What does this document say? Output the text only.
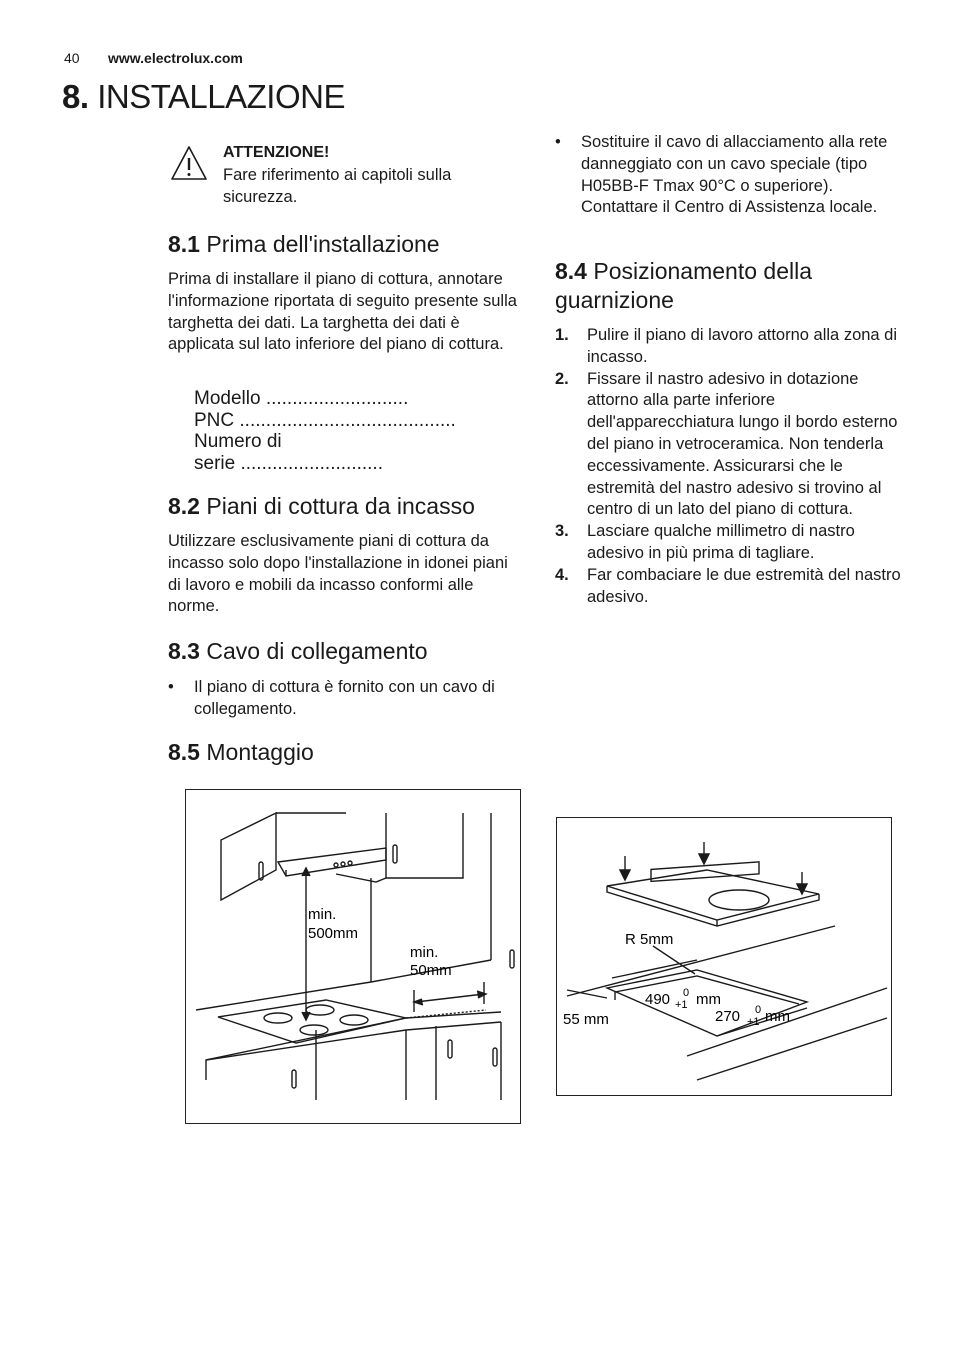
40 www.electrolux.com
8. INSTALLAZIONE
ATTENZIONE!
Fare riferimento ai capitoli sulla sicurezza.
8.1 Prima dell'installazione
Prima di installare il piano di cottura, annotare l'informazione riportata di seguito presente sulla targhetta dei dati. La targhetta dei dati è applicata sul lato inferiore del piano di cottura.
Modello ...........................
PNC .........................................
Numero di
serie ...........................
8.2 Piani di cottura da incasso
Utilizzare esclusivamente piani di cottura da incasso solo dopo l'installazione in idonei piani di lavoro e mobili da incasso conformi alle norme.
8.3 Cavo di collegamento
• Il piano di cottura è fornito con un cavo di collegamento.
• Sostituire il cavo di allacciamento alla rete danneggiato con un cavo speciale (tipo H05BB-F Tmax 90°C o superiore). Contattare il Centro di Assistenza locale.
8.4 Posizionamento della guarnizione
1. Pulire il piano di lavoro attorno alla zona di incasso.
2. Fissare il nastro adesivo in dotazione attorno alla parte inferiore dell'apparecchiatura lungo il bordo esterno del piano in vetroceramica. Non tenderla eccessivamente. Assicurarsi che le estremità del nastro adesivo si trovino al centro di un lato del piano di cottura.
3. Lasciare qualche millimetro di nastro adesivo in più prima di tagliare.
4. Far combaciare le due estremità del nastro adesivo.
8.5 Montaggio
min.
500mm
min.
50mm
R 5mm
490 0
+1 mm
55 mm	270 0
+1 mm
